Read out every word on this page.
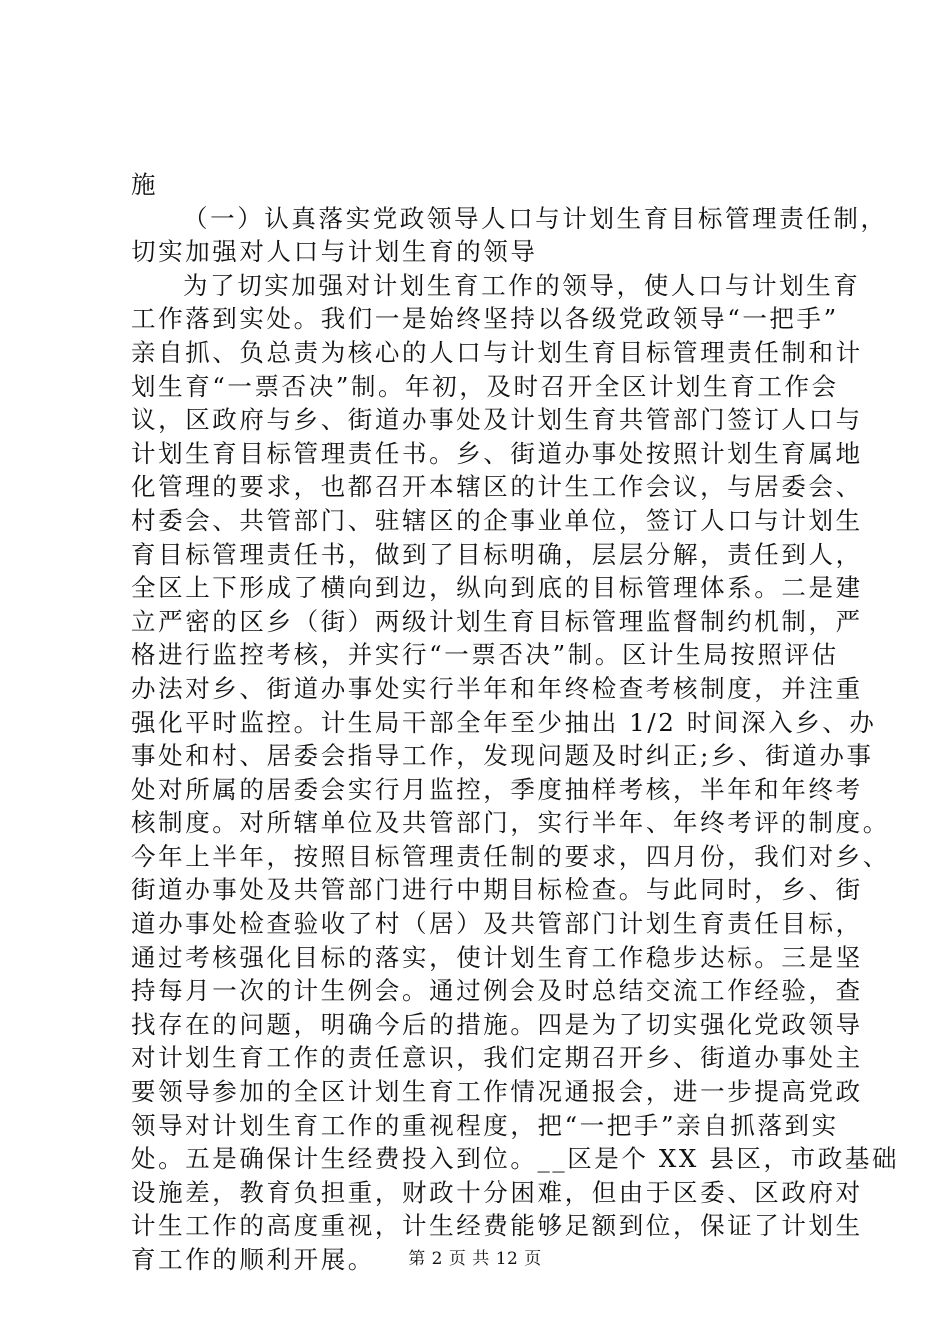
施
（一）认真落实党政领导人口与计划生育目标管理责任制，
切实加强对人口与计划生育的领导
为了切实加强对计划生育工作的领导，使人口与计划生育
工作落到实处。我们一是始终坚持以各级党政领导“一把手”
亲自抓、负总责为核心的人口与计划生育目标管理责任制和计
划生育“一票否决”制。年初，及时召开全区计划生育工作会
议，区政府与乡、街道办事处及计划生育共管部门签订人口与
计划生育目标管理责任书。乡、街道办事处按照计划生育属地
化管理的要求，也都召开本辖区的计生工作会议，与居委会、
村委会、共管部门、驻辖区的企事业单位，签订人口与计划生
育目标管理责任书，做到了目标明确，层层分解，责任到人，
全区上下形成了横向到边，纵向到底的目标管理体系。二是建
立严密的区乡（街）两级计划生育目标管理监督制约机制，严
格进行监控考核，并实行“一票否决”制。区计生局按照评估
办法对乡、街道办事处实行半年和年终检查考核制度，并注重
强化平时监控。计生局干部全年至少抽出 1/2 时间深入乡、办
事处和村、居委会指导工作，发现问题及时纠正;乡、街道办事
处对所属的居委会实行月监控，季度抽样考核，半年和年终考
核制度。对所辖单位及共管部门，实行半年、年终考评的制度。
今年上半年，按照目标管理责任制的要求，四月份，我们对乡、
街道办事处及共管部门进行中期目标检查。与此同时，乡、街
道办事处检查验收了村（居）及共管部门计划生育责任目标，
通过考核强化目标的落实，使计划生育工作稳步达标。三是坚
持每月一次的计生例会。通过例会及时总结交流工作经验，查
找存在的问题，明确今后的措施。四是为了切实强化党政领导
对计划生育工作的责任意识，我们定期召开乡、街道办事处主
要领导参加的全区计划生育工作情况通报会，进一步提高党政
领导对计划生育工作的重视程度，把“一把手”亲自抓落到实
处。五是确保计生经费投入到位。__区是个 XX 县区，市政基础
设施差，教育负担重，财政十分困难，但由于区委、区政府对
计生工作的高度重视，计生经费能够足额到位，保证了计划生
育工作的顺利开展。	第 2 页 共 12 页
